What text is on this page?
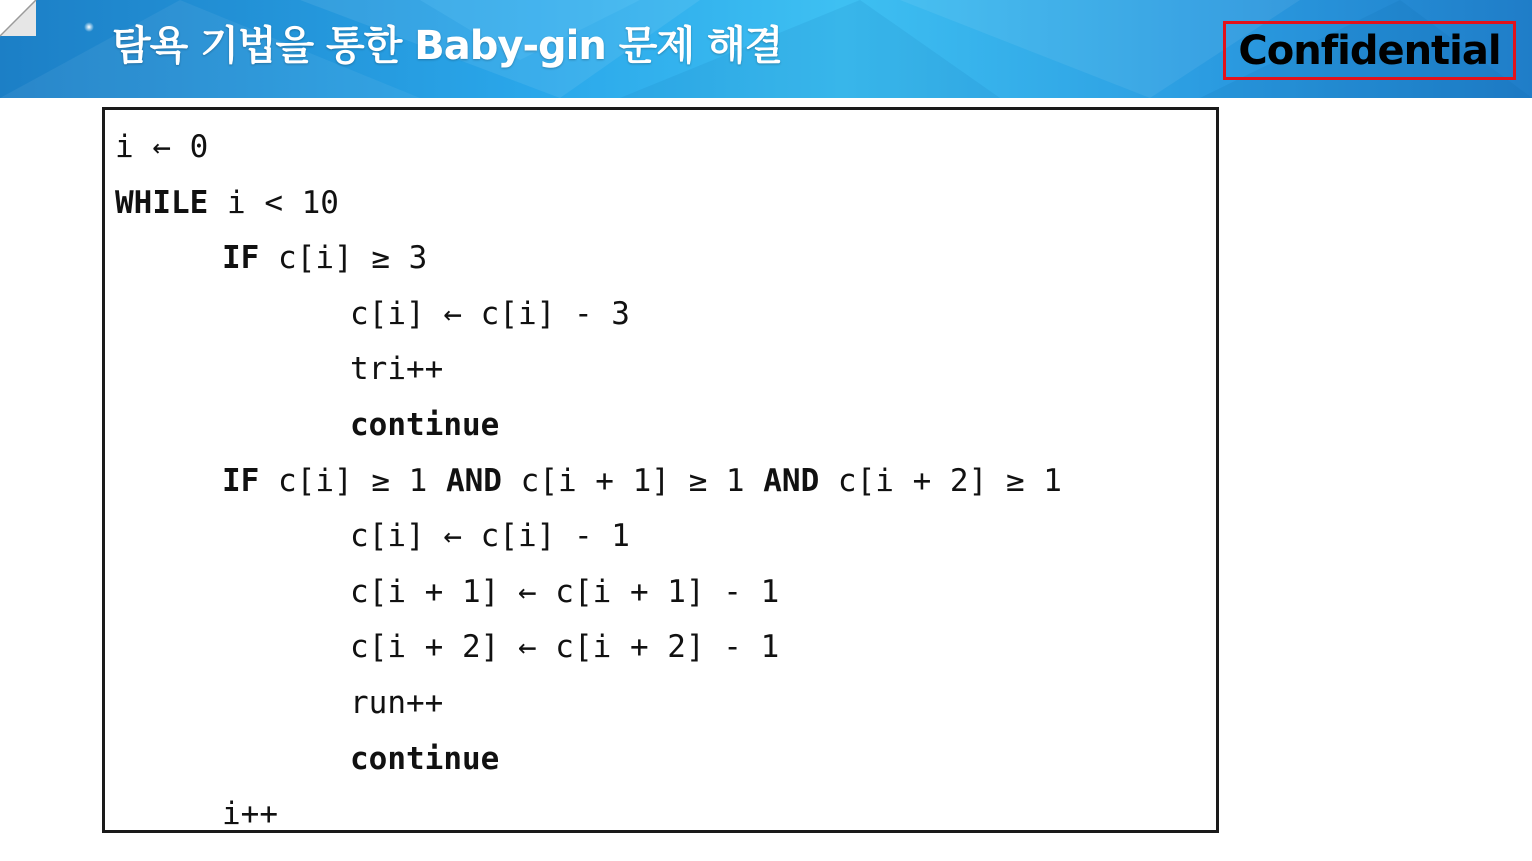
탐욕 기법을 통한 Baby-gin 문제 해결	Confidential
i ← 0
WHILE i < 10
IF c[i] ≥ 3
c[i] ← c[i] - 3
tri++
continue
IF c[i] ≥ 1 AND c[i + 1] ≥ 1 AND c[i + 2] ≥ 1
c[i] ← c[i] - 1
c[i + 1] ← c[i + 1] - 1
c[i + 2] ← c[i + 2] - 1
run++
continue
i++
